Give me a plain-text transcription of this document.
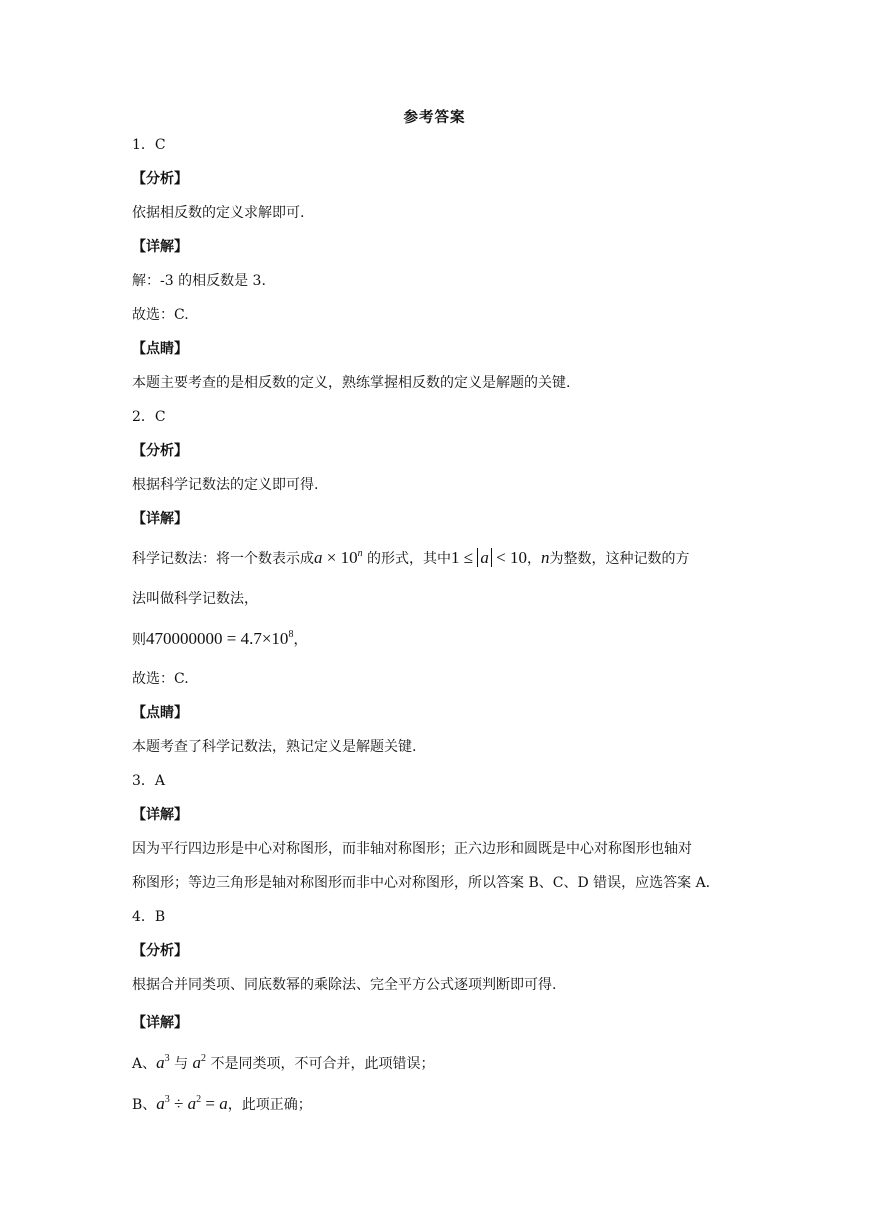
参考答案
1．C
【分析】
依据相反数的定义求解即可.
【详解】
解：-3 的相反数是 3.
故选：C.
【点睛】
本题主要考查的是相反数的定义，熟练掌握相反数的定义是解题的关键.
2．C
【分析】
根据科学记数法的定义即可得.
【详解】
科学记数法：将一个数表示成$a \times 10^n$ 的形式，其中1 ≤ a < 10，n为整数，这种记数的方
法叫做科学记数法，
则$470000000 = 4.7\times 10^8$，
故选：C.
【点睛】
本题考查了科学记数法，熟记定义是解题关键.
3．A
【详解】
因为平行四边形是中心对称图形，而非轴对称图形；正六边形和圆既是中心对称图形也轴对
称图形；等边三角形是轴对称图形而非中心对称图形，所以答案 B、C、D 错误，应选答案 A.
4．B
【分析】
根据合并同类项、同底数幂的乘除法、完全平方公式逐项判断即可得.
【详解】
A、$a^3$ 与 $a^2$ 不是同类项，不可合并，此项错误；
B、$a^3 \div a^2 = a$，此项正确；
